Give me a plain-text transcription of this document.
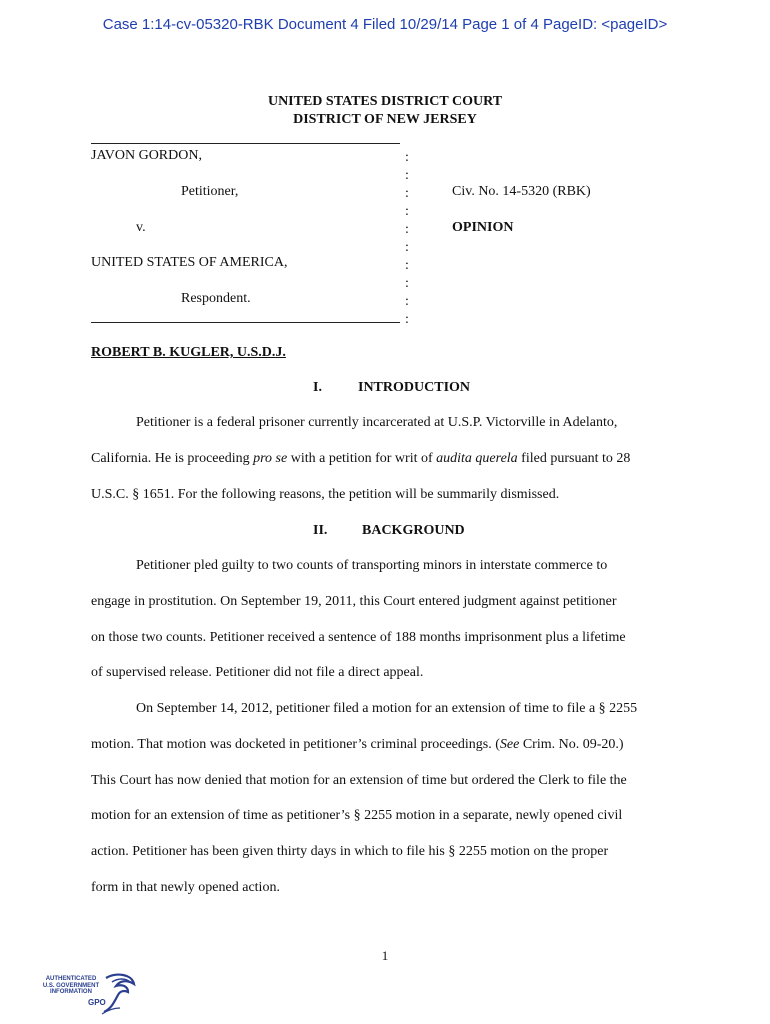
Case 1:14-cv-05320-RBK Document 4 Filed 10/29/14 Page 1 of 4 PageID: <pageID>
UNITED STATES DISTRICT COURT
DISTRICT OF NEW JERSEY
JAVON GORDON,
Petitioner,
v.
UNITED STATES OF AMERICA,
Respondent.
:
:
:
:
:
:
:
:
:
:
Civ. No. 14-5320 (RBK)
OPINION
ROBERT B. KUGLER, U.S.D.J.
I.	INTRODUCTION
Petitioner is a federal prisoner currently incarcerated at U.S.P. Victorville in Adelanto,
California. He is proceeding pro se with a petition for writ of audita querela filed pursuant to 28
U.S.C. § 1651. For the following reasons, the petition will be summarily dismissed.
II. BACKGROUND
Petitioner pled guilty to two counts of transporting minors in interstate commerce to
engage in prostitution. On September 19, 2011, this Court entered judgment against petitioner
on those two counts. Petitioner received a sentence of 188 months imprisonment plus a lifetime
of supervised release. Petitioner did not file a direct appeal.
On September 14, 2012, petitioner filed a motion for an extension of time to file a § 2255
motion. That motion was docketed in petitioner’s criminal proceedings. (See Crim. No. 09-20.)
This Court has now denied that motion for an extension of time but ordered the Clerk to file the
motion for an extension of time as petitioner’s § 2255 motion in a separate, newly opened civil
action. Petitioner has been given thirty days in which to file his § 2255 motion on the proper
form in that newly opened action.
1
AUTHENTICATED
U.S. GOVERNMENT
INFORMATION
GPO
